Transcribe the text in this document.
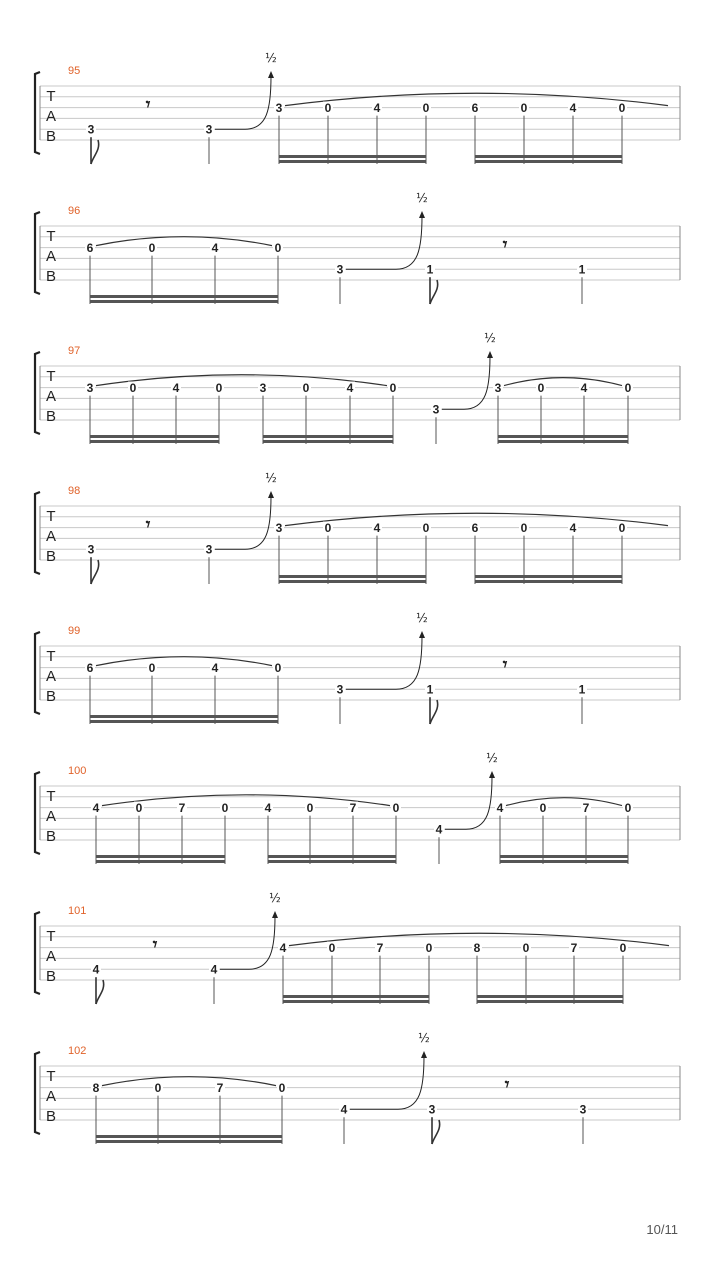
T
A
B
95
3	3
½
3	0	4	0	6	0	4	0
𝄾
T
A
B
96
6	0	4	0
3
½
1	1
𝄾
T
A
B
97
3	0	4	0	3	0	4	0
3
½
3	0	4	0
T
A
B
98
3	3
½
3	0	4	0	6	0	4	0
𝄾
T
A
B
99
6	0	4	0
3
½
1	1
𝄾
T
A
B
100
4	0	7	0	4	0	7	0
4
½
4	0	7	0
T
A
B
101
4	4
½
4	0	7	0	8	0	7	0
𝄾
T
A
B
102
8	0	7	0
4
½
3	3
𝄾
10/11
